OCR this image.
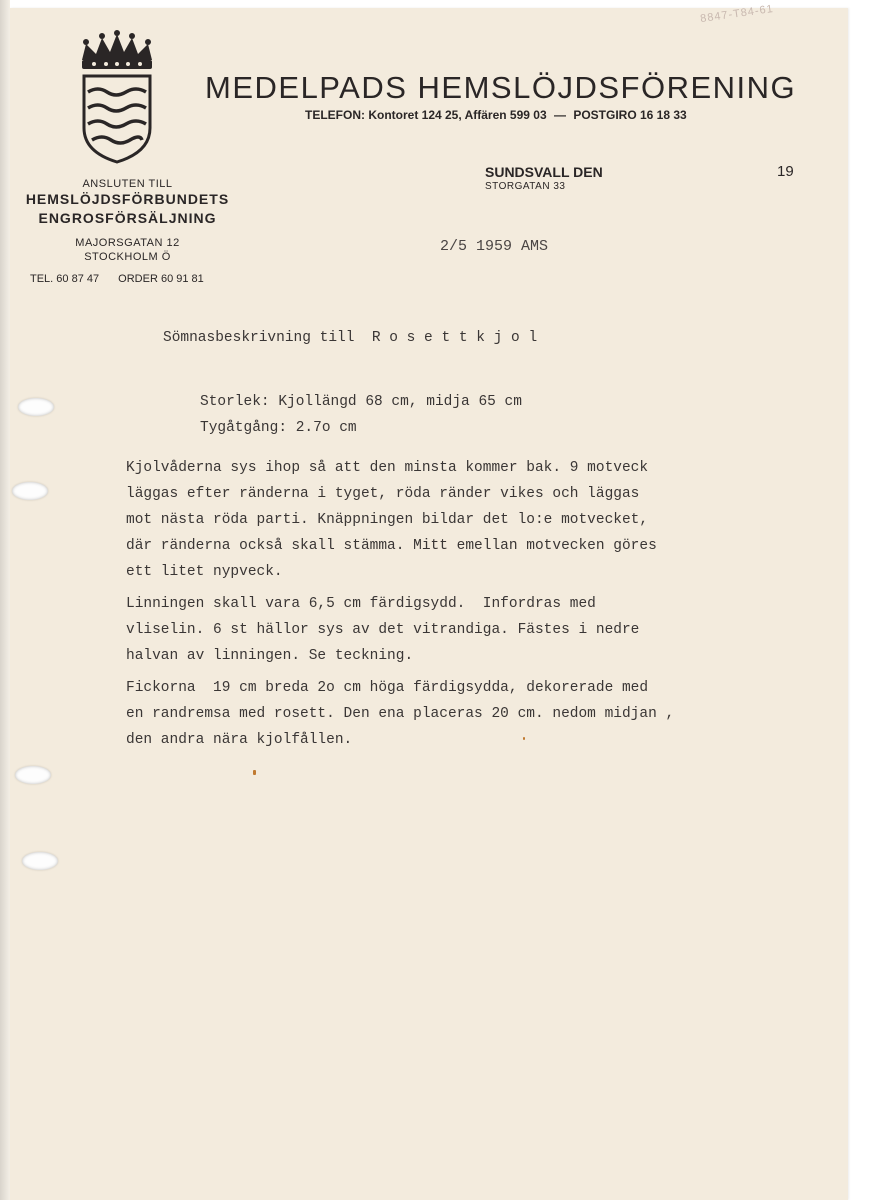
8847-T84-61
MEDELPADS HEMSLÖJDSFÖRENING
TELEFON: Kontoret 124 25, Affären 599 03 — POSTGIRO 16 18 33
ANSLUTEN TILL
HEMSLÖJDSFÖRBUNDETS
ENGROSFÖRSÄLJNING
MAJORSGATAN 12
STOCKHOLM Ö
TEL. 60 87 47 ORDER 60 91 81
SUNDSVALL DEN
STORGATAN 33
19
2/5 1959 AMS
Sömnasbeskrivning till  R o s e t t k j o l
Storlek: Kjollängd 68 cm, midja 65 cm
Tygåtgång: 2.7o cm

Kjolvåderna sys ihop så att den minsta kommer bak. 9 motveck
läggas efter ränderna i tyget, röda ränder vikes och läggas
mot nästa röda parti. Knäppningen bildar det lo:e motvecket,
där ränderna också skall stämma. Mitt emellan motvecken göres
ett litet nypveck.

Linningen skall vara 6,5 cm färdigsydd.  Infordras med
vliselin. 6 st hällor sys av det vitrandiga. Fästes i nedre
halvan av linningen. Se teckning.

Fickorna  19 cm breda 2o cm höga färdigsydda, dekorerade med
en randremsa med rosett. Den ena placeras 20 cm. nedom midjan ,
den andra nära kjolfållen.
